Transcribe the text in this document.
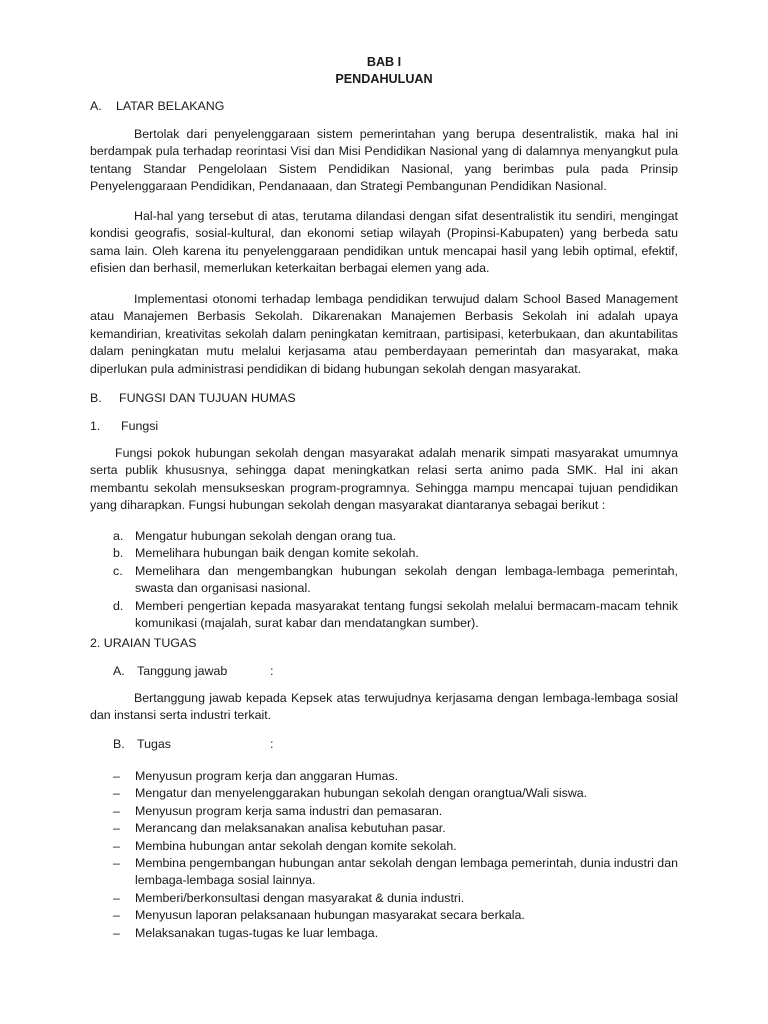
BAB I
PENDAHULUAN
A. LATAR BELAKANG

Bertolak dari penyelenggaraan sistem pemerintahan yang berupa desentralistik, maka hal ini berdampak pula terhadap reorintasi Visi dan Misi Pendidikan Nasional yang di dalamnya menyangkut pula tentang Standar Pengelolaan Sistem Pendidikan Nasional, yang berimbas pula pada Prinsip Penyelenggaraan Pendidikan, Pendanaaan, dan Strategi Pembangunan Pendidikan Nasional.

Hal-hal yang tersebut di atas, terutama dilandasi dengan sifat desentralistik itu sendiri, mengingat kondisi geografis, sosial-kultural, dan ekonomi setiap wilayah (Propinsi-Kabupaten) yang berbeda satu sama lain. Oleh karena itu penyelenggaraan pendidikan untuk mencapai hasil yang lebih optimal, efektif, efisien dan berhasil, memerlukan keterkaitan berbagai elemen yang ada.

Implementasi otonomi terhadap lembaga pendidikan terwujud dalam School Based Management atau Manajemen Berbasis Sekolah. Dikarenakan Manajemen Berbasis Sekolah ini adalah upaya kemandirian, kreativitas sekolah dalam peningkatan kemitraan, partisipasi, keterbukaan, dan akuntabilitas dalam peningkatan mutu melalui kerjasama atau pemberdayaan pemerintah dan masyarakat, maka diperlukan pula administrasi pendidikan di bidang hubungan sekolah dengan masyarakat.

B. FUNGSI DAN TUJUAN HUMAS
1. Fungsi

Fungsi pokok hubungan sekolah dengan masyarakat adalah menarik simpati masyarakat umumnya serta publik khususnya, sehingga dapat meningkatkan relasi serta animo pada SMK. Hal ini akan membantu sekolah mensukseskan program-programnya. Sehingga mampu mencapai tujuan pendidikan yang diharapkan. Fungsi hubungan sekolah dengan masyarakat diantaranya sebagai berikut :

a. Mengatur hubungan sekolah dengan orang tua.
b. Memelihara hubungan baik dengan komite sekolah.
c. Memelihara dan mengembangkan hubungan sekolah dengan lembaga-lembaga pemerintah, swasta dan organisasi nasional.
d. Memberi pengertian kepada masyarakat tentang fungsi sekolah melalui bermacam-macam tehnik komunikasi (majalah, surat kabar dan mendatangkan sumber).
2. URAIAN TUGAS
A. Tanggung jawab	:

Bertanggung jawab kepada Kepsek atas terwujudnya kerjasama dengan lembaga-lembaga sosial dan instansi serta industri terkait.

B. Tugas	:
– Menyusun program kerja dan anggaran Humas.
– Mengatur dan menyelenggarakan hubungan sekolah dengan orangtua/Wali siswa.
– Menyusun program kerja sama industri dan pemasaran.
– Merancang dan melaksanakan analisa kebutuhan pasar.
– Membina hubungan antar sekolah dengan komite sekolah.
– Membina pengembangan hubungan antar sekolah dengan lembaga pemerintah, dunia industri dan lembaga-lembaga sosial lainnya.
– Memberi/berkonsultasi dengan masyarakat & dunia industri.
– Menyusun laporan pelaksanaan hubungan masyarakat secara berkala.
– Melaksanakan tugas-tugas ke luar lembaga.
